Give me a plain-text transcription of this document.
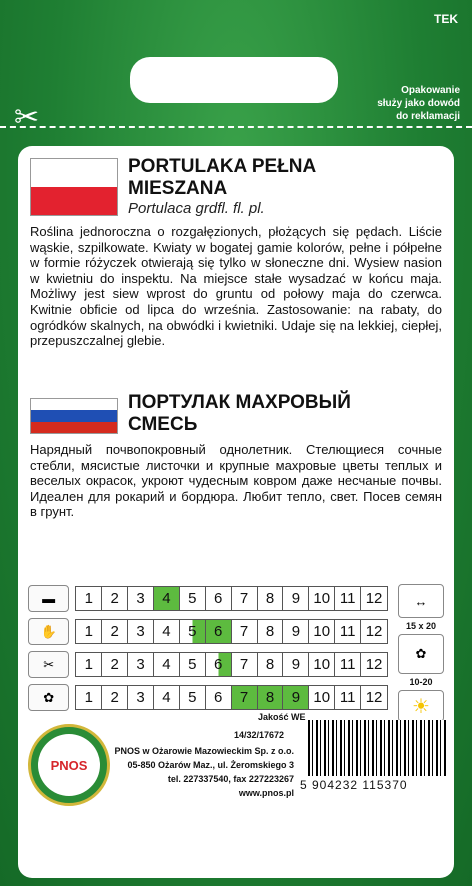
TEK
Opakowanie
służy jako dowód
do reklamacji
✂
PORTULAKA PEŁNA
MIESZANA
Portulaca grdfl. fl. pl.
Roślina jednoroczna o rozgałęzionych, płożących się pędach. Liście wąskie, szpilkowate. Kwiaty w bogatej gamie kolorów, pełne i półpełne w formie różyczek otwierają się tylko w słoneczne dni. Wysiew nasion w kwietniu do inspektu. Na miejsce stałe wysadzać w końcu maja. Możliwy jest siew wprost do gruntu od połowy maja do czerwca. Kwitnie obficie od lipca do września. Zastosowanie: na rabaty, do ogródków skalnych, na obwódki i kwietniki. Udaje się na lekkiej, ciepłej, przepuszczalnej glebie.
ПОРТУЛАК МАХРОВЫЙ
СМЕСЬ
Нарядный почвопокровный однолетник. Стелющиеся сочные стебли, мясистые листочки и крупные махровые цветы теплых и веселых окрасок, укроют чудесным ковром даже несчаные почвы. Идеален для рокарий и бордюра. Любит тепло, свет. Посев семян в грунт.
▬	1	2	3	4	5	6	7	8	9 10 11 12
✋	1	2	3	4	5	6	7	8	9 10 11 12
✂	1	2	3	4	5	6	7	8	9 10 11 12
✿	1	2	3	4	5	6	7	8	9 10 11 12
↔
15 x 20
✿
10-20
☀
PNOS
Jakość WE
14/32/17672
PNOS w Ożarowie Mazowieckim Sp. z o.o.
05-850 Ożarów Maz., ul. Żeromskiego 3
tel. 227337540, fax 227223267
www.pnos.pl
5 904232 115370
